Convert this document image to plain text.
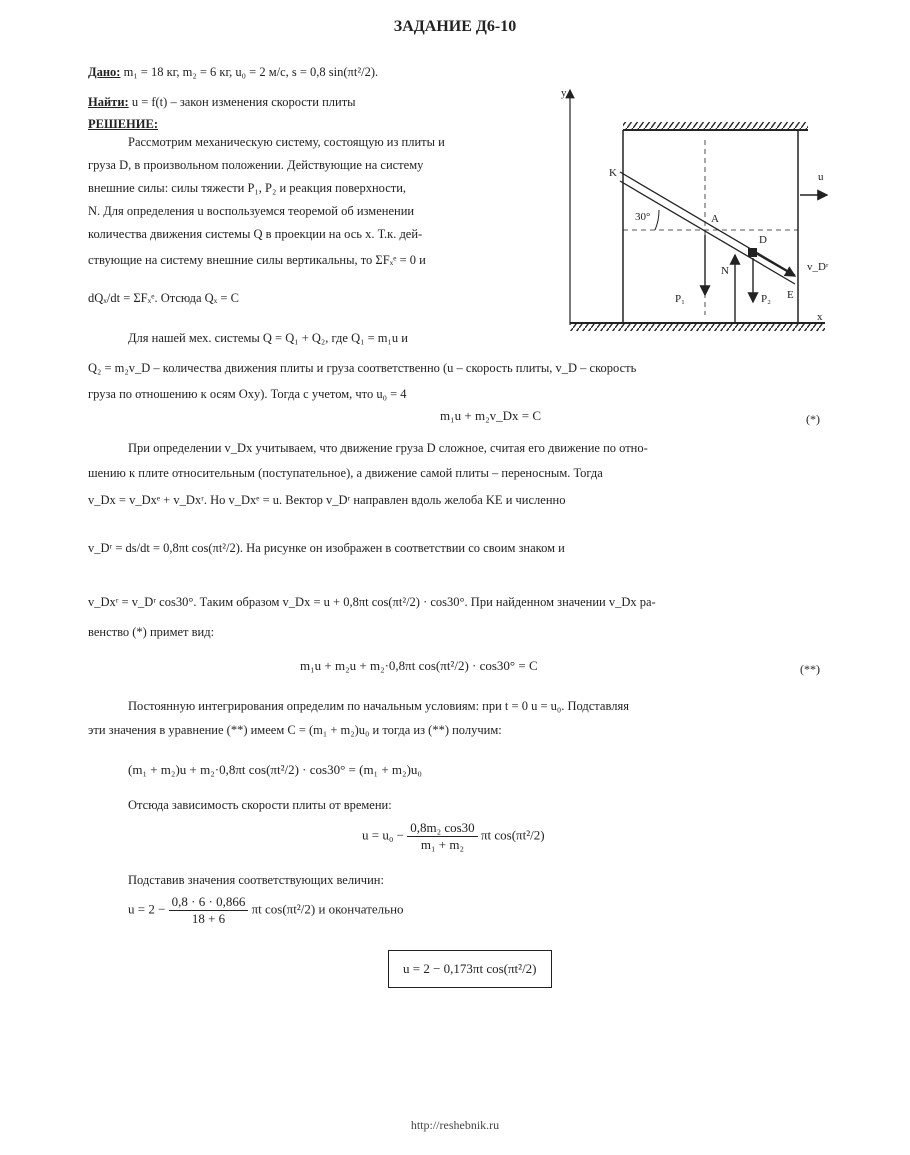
ЗАДАНИЕ Д6-10
Дано: m₁ = 18 кг, m₂ = 6 кг, u₀ = 2 м/с, s = 0,8 sin(πt²/2).
Найти: u = f(t) – закон изменения скорости плиты
РЕШЕНИЕ:
Рассмотрим механическую систему, состоящую из плиты и
груза D, в произвольном положении. Действующие на систему
внешние силы: силы тяжести P₁, P₂ и реакция поверхности,
N. Для определения u воспользуемся теоремой об изменении
количества движения системы Q в проекции на ось x. Т.к. дей-
ствующие на систему внешние силы вертикальны, то ΣFₓᵉ = 0 и
dQₓ/dt = ΣFₓᵉ. Отсюда Qₓ = C
y
x
K
A
D
E
30°
v_Dʳ
P₁	P₂
N
u
Для нашей мех. системы Q = Q₁ + Q₂, где Q₁ = m₁u и
Q₂ = m₂v_D – количества движения плиты и груза соответственно (u – скорость плиты, v_D – скорость
груза по отношению к осям Oxy). Тогда с учетом, что u₀ = 4
m₁u + m₂v_Dx = C	(*)
При определении v_Dx учитываем, что движение груза D сложное, считая его движение по отно-
шению к плите относительным (поступательное), а движение самой плиты – переносным. Тогда
v_Dx = v_Dxᵉ + v_Dxʳ. Но v_Dxᵉ = u. Вектор v_Dʳ направлен вдоль желоба KE и численно
v_Dʳ = ds/dt = 0,8πt cos(πt²/2). На рисунке он изображен в соответствии со своим знаком и
v_Dxʳ = v_Dʳ cos30°. Таким образом v_Dx = u + 0,8πt cos(πt²/2) · cos30°. При найденном значении v_Dx ра-
венство (*) примет вид:
m₁u + m₂u + m₂·0,8πt cos(πt²/2) · cos30° = C	(**)
Постоянную интегрирования определим по начальным условиям: при t = 0 u = u₀. Подставляя
эти значения в уравнение (**) имеем C = (m₁ + m₂)u₀ и тогда из (**) получим:
(m₁ + m₂)u + m₂·0,8πt cos(πt²/2) · cos30° = (m₁ + m₂)u₀
Отсюда зависимость скорости плиты от времени:
$u = u_0 - \frac{\text{0,8m₂ cos30}}{\text{m₁ + m₂}}$ πt cos(πt²/2)
Подставив значения соответствующих величин:
$u = 2 - \frac{0,8 \cdot 6 \cdot 0,866}{18 + 6}$ πt cos(πt²/2) и окончательно
u = 2 − 0,173πt cos(πt²/2)
http://reshebnik.ru
